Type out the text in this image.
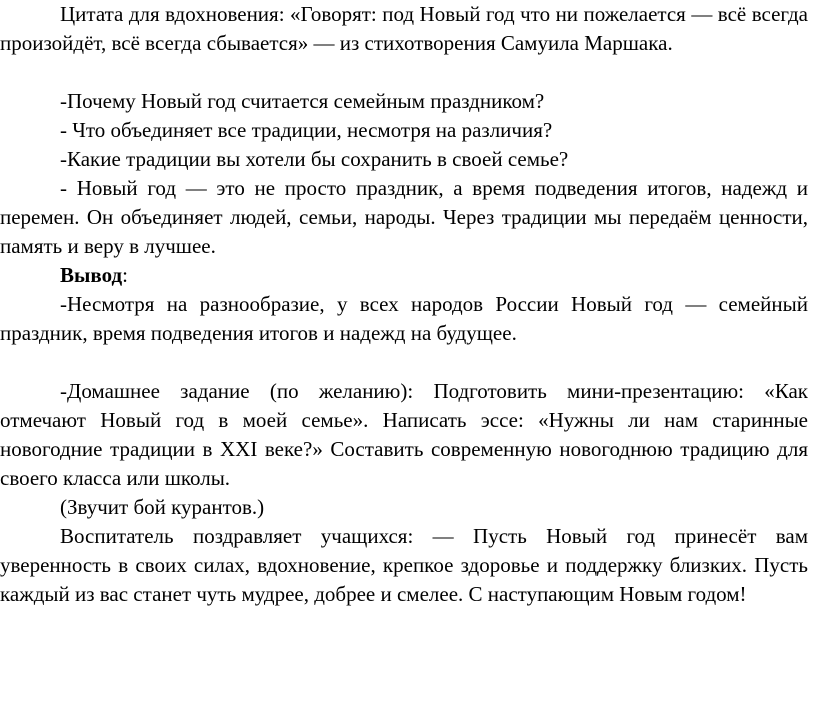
Цитата для вдохновения: «Говорят: под Новый год что ни пожелается — всё всегда произойдёт, всё всегда сбывается» — из стихотворения Самуила Маршака.

-Почему Новый год считается семейным праздником?

- Что объединяет все традиции, несмотря на различия?

-Какие традиции вы хотели бы сохранить в своей семье?

- Новый год — это не просто праздник, а время подведения итогов, надежд и перемен. Он объединяет людей, семьи, народы. Через традиции мы передаём ценности, память и веру в лучшее.

Вывод:

-Несмотря на разнообразие, у всех народов России Новый год — семейный праздник, время подведения итогов и надежд на будущее.

-Домашнее задание (по желанию): Подготовить мини-презентацию: «Как отмечают Новый год в моей семье». Написать эссе: «Нужны ли нам старинные новогодние традиции в XXI веке?» Составить современную новогоднюю традицию для своего класса или школы.

(Звучит бой курантов.)

Воспитатель поздравляет учащихся: — Пусть Новый год принесёт вам уверенность в своих силах, вдохновение, крепкое здоровье и поддержку близких. Пусть каждый из вас станет чуть мудрее, добрее и смелее. С наступающим Новым годом!
